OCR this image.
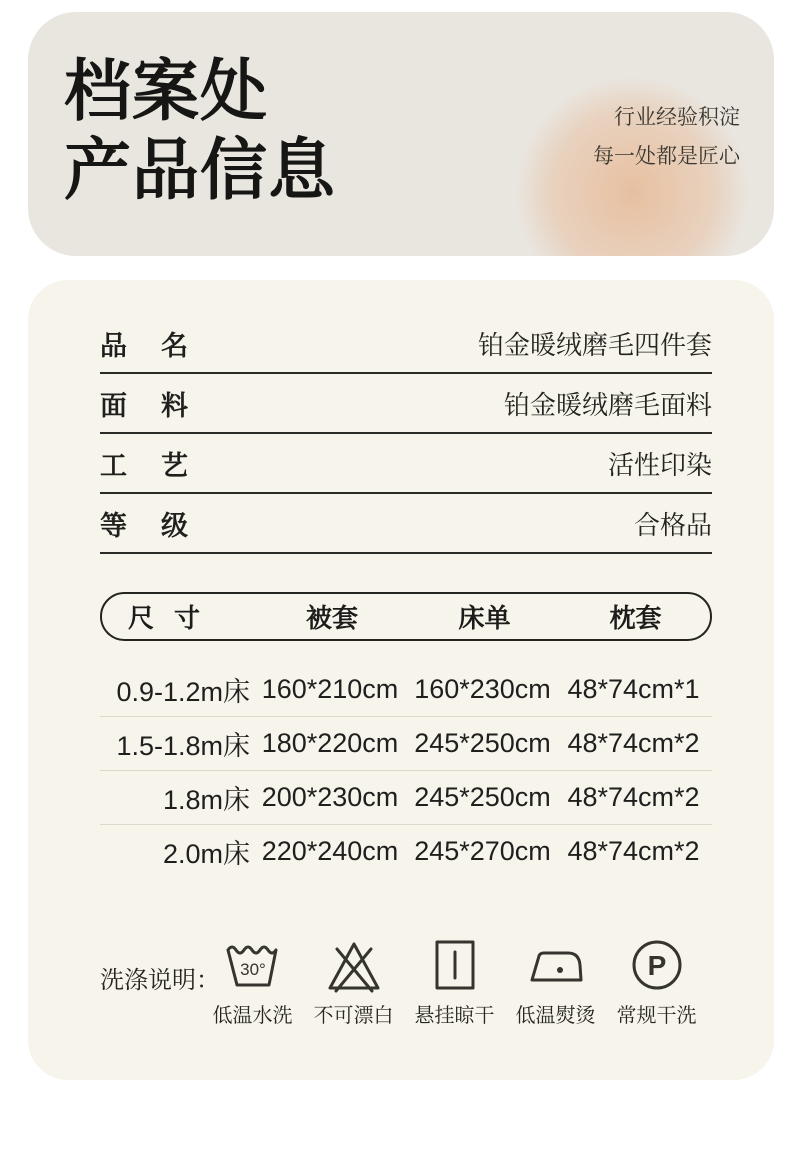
档案处
产品信息
行业经验积淀
每一处都是匠心
品名	铂金暖绒磨毛四件套
面料	铂金暖绒磨毛面料
工艺	活性印染
等级	合格品
尺寸	被套	床单	枕套
0.9-1.2m床 160*210cm 160*230cm 48*74cm*1
1.5-1.8m床 180*220cm 245*250cm 48*74cm*2
1.8m床 200*230cm 245*250cm 48*74cm*2
2.0m床 220*240cm 245*270cm 48*74cm*2
洗涤说明： 30°
低温水洗 不可漂白 悬挂晾干 低温熨烫
P
常规干洗
